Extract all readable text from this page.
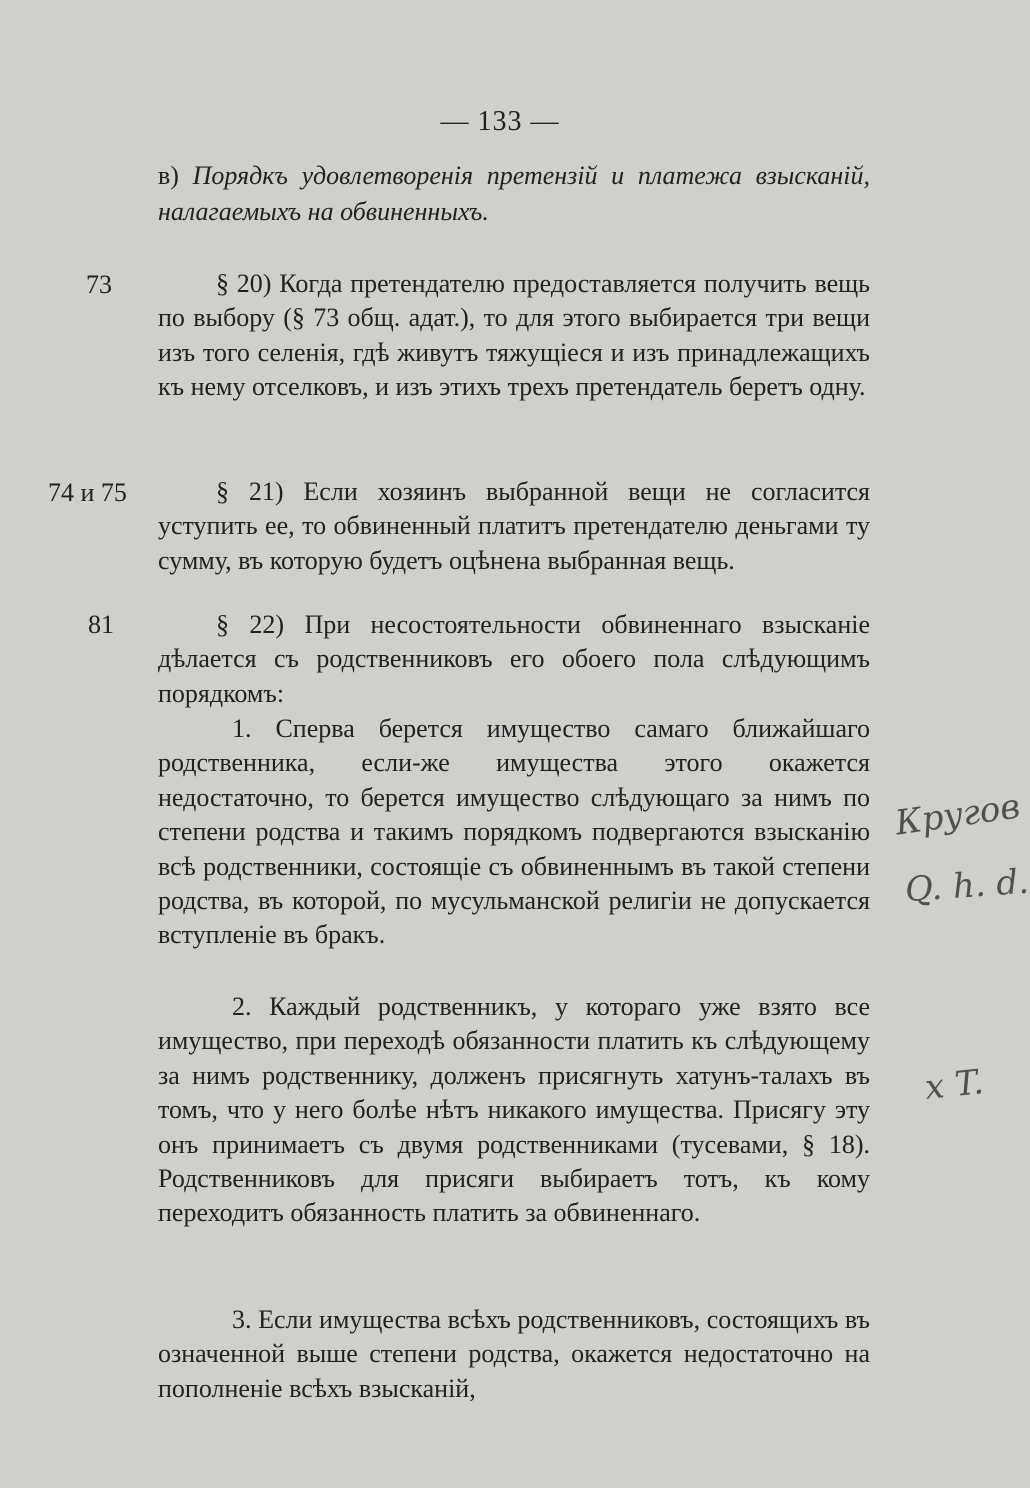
— 133 —
в) Порядкъ удовлетворенія претензій и платежа взысканій, налагаемыхъ на обвиненныхъ.
73
74 и 75
81

§ 20) Когда претендателю предоставляется получить вещь по выбору (§ 73 общ. адат.), то для этого выбирается три вещи изъ того селенія, гдѣ живутъ тяжущіеся и изъ принадлежащихъ къ нему отселковъ, и изъ этихъ трехъ претендатель беретъ одну.

§ 21) Если хозяинъ выбранной вещи не согласится уступить ее, то обвиненный платитъ претендателю деньгами ту сумму, въ которую будетъ оцѣнена выбранная вещь.

§ 22) При несостоятельности обвиненнаго взысканіе дѣлается съ родственниковъ его обоего пола слѣдующимъ порядкомъ:

1. Сперва берется имущество самаго ближайшаго родственника, если-же имущества этого окажется недостаточно, то берется имущество слѣдующаго за нимъ по степени родства и такимъ порядкомъ подвергаются взысканію всѣ родственники, состоящіе съ обвиненнымъ въ такой степени родства, въ которой, по мусульманской религіи не допускается вступленіе въ бракъ.

2. Каждый родственникъ, у котораго уже взято все имущество, при переходѣ обязанности платить къ слѣдующему за нимъ родственнику, долженъ присягнуть хатунъ-талахъ въ томъ, что у него болѣе нѣтъ никакого имущества. Присягу эту онъ принимаетъ съ двумя родственниками (тусевами, § 18). Родственниковъ для присяги выбираетъ тотъ, къ кому переходитъ обязанность платить за обвиненнаго.

3. Если имущества всѣхъ родственниковъ, состоящихъ въ означенной выше степени родства, окажется недостаточно на пополненіе всѣхъ взысканій,

Кругов
Q. h. d.
x T.
